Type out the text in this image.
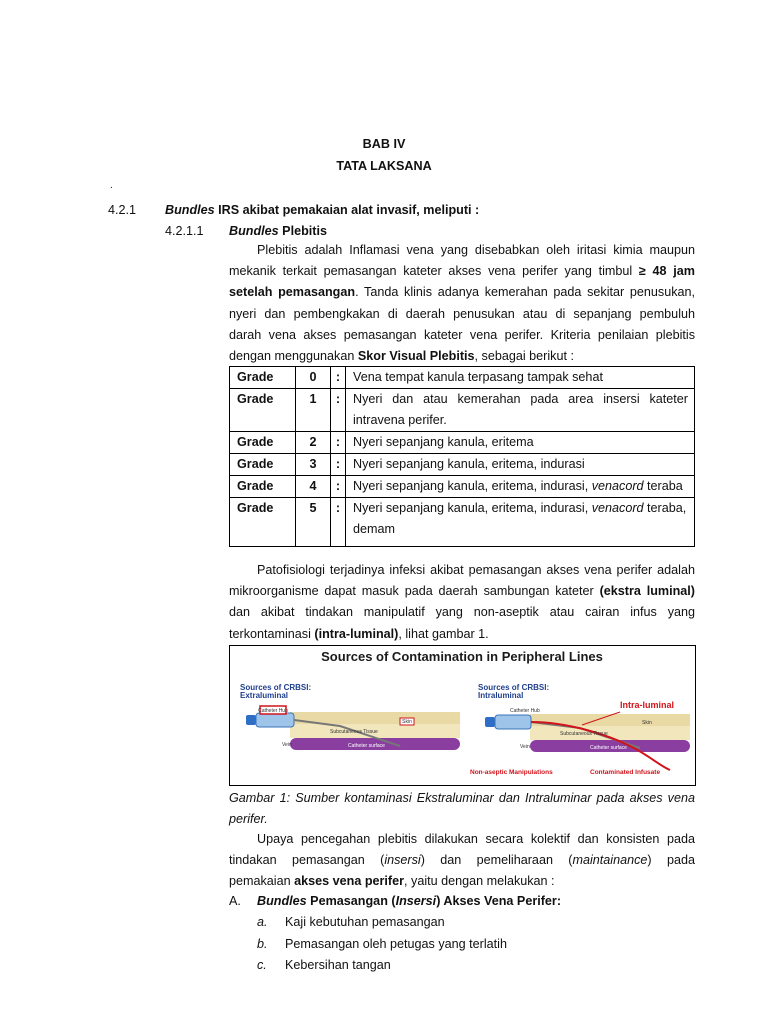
BAB IV
TATA LAKSANA
.
4.2.1 Bundles IRS akibat pemakaian alat invasif, meliputi :
4.2.1.1 Bundles Plebitis
Plebitis adalah Inflamasi vena yang disebabkan oleh iritasi kimia maupun
mekanik terkait pemasangan kateter akses vena perifer yang timbul ≥ 48 jam
setelah pemasangan. Tanda klinis adanya kemerahan pada sekitar penusukan,
nyeri dan pembengkakan di daerah penusukan atau di sepanjang pembuluh
darah vena akses pemasangan kateter vena perifer. Kriteria penilaian plebitis
dengan menggunakan Skor Visual Plebitis, sebagai berikut :
Grade	0	:	Vena tempat kanula terpasang tampak sehat
Grade	1	:	Nyeri dan atau kemerahan pada area insersi kateter
intravena perifer.
Grade	2	:	Nyeri sepanjang kanula, eritema
Grade	3	:	Nyeri sepanjang kanula, eritema, indurasi
Grade	4	:	Nyeri sepanjang kanula, eritema, indurasi, venacord teraba
Grade	5	:	Nyeri sepanjang kanula, eritema, indurasi, venacord teraba,
demam
Patofisiologi terjadinya infeksi akibat pemasangan akses vena perifer adalah
mikroorganisme dapat masuk pada daerah sambungan kateter (ekstra luminal)
dan akibat tindakan manipulatif yang non-aseptik atau cairan infus yang
terkontaminasi (intra-luminal), lihat gambar 1.
Sources of Contamination in Peripheral Lines
Sources of CRBSI:
Extraluminal
Catheter Hub
Skin
Subcutaneous Tissue
Vein	Catheter surface
Sources of CRBSI:
Intraluminal
Intra-luminal
Catheter Hub
Skin
Subcutaneous Tissue
Vein	Catheter surface
Non-aseptic Manipulations	Contaminated Infusate
Gambar 1: Sumber kontaminasi Ekstraluminar dan Intraluminar pada akses vena
perifer.
Upaya pencegahan plebitis dilakukan secara kolektif dan konsisten pada
tindakan pemasangan (insersi) dan pemeliharaan (maintainance) pada
pemakaian akses vena perifer, yaitu dengan melakukan :
A. Bundles Pemasangan (Insersi) Akses Vena Perifer:
a. Kaji kebutuhan pemasangan
b. Pemasangan oleh petugas yang terlatih
c. Kebersihan tangan
